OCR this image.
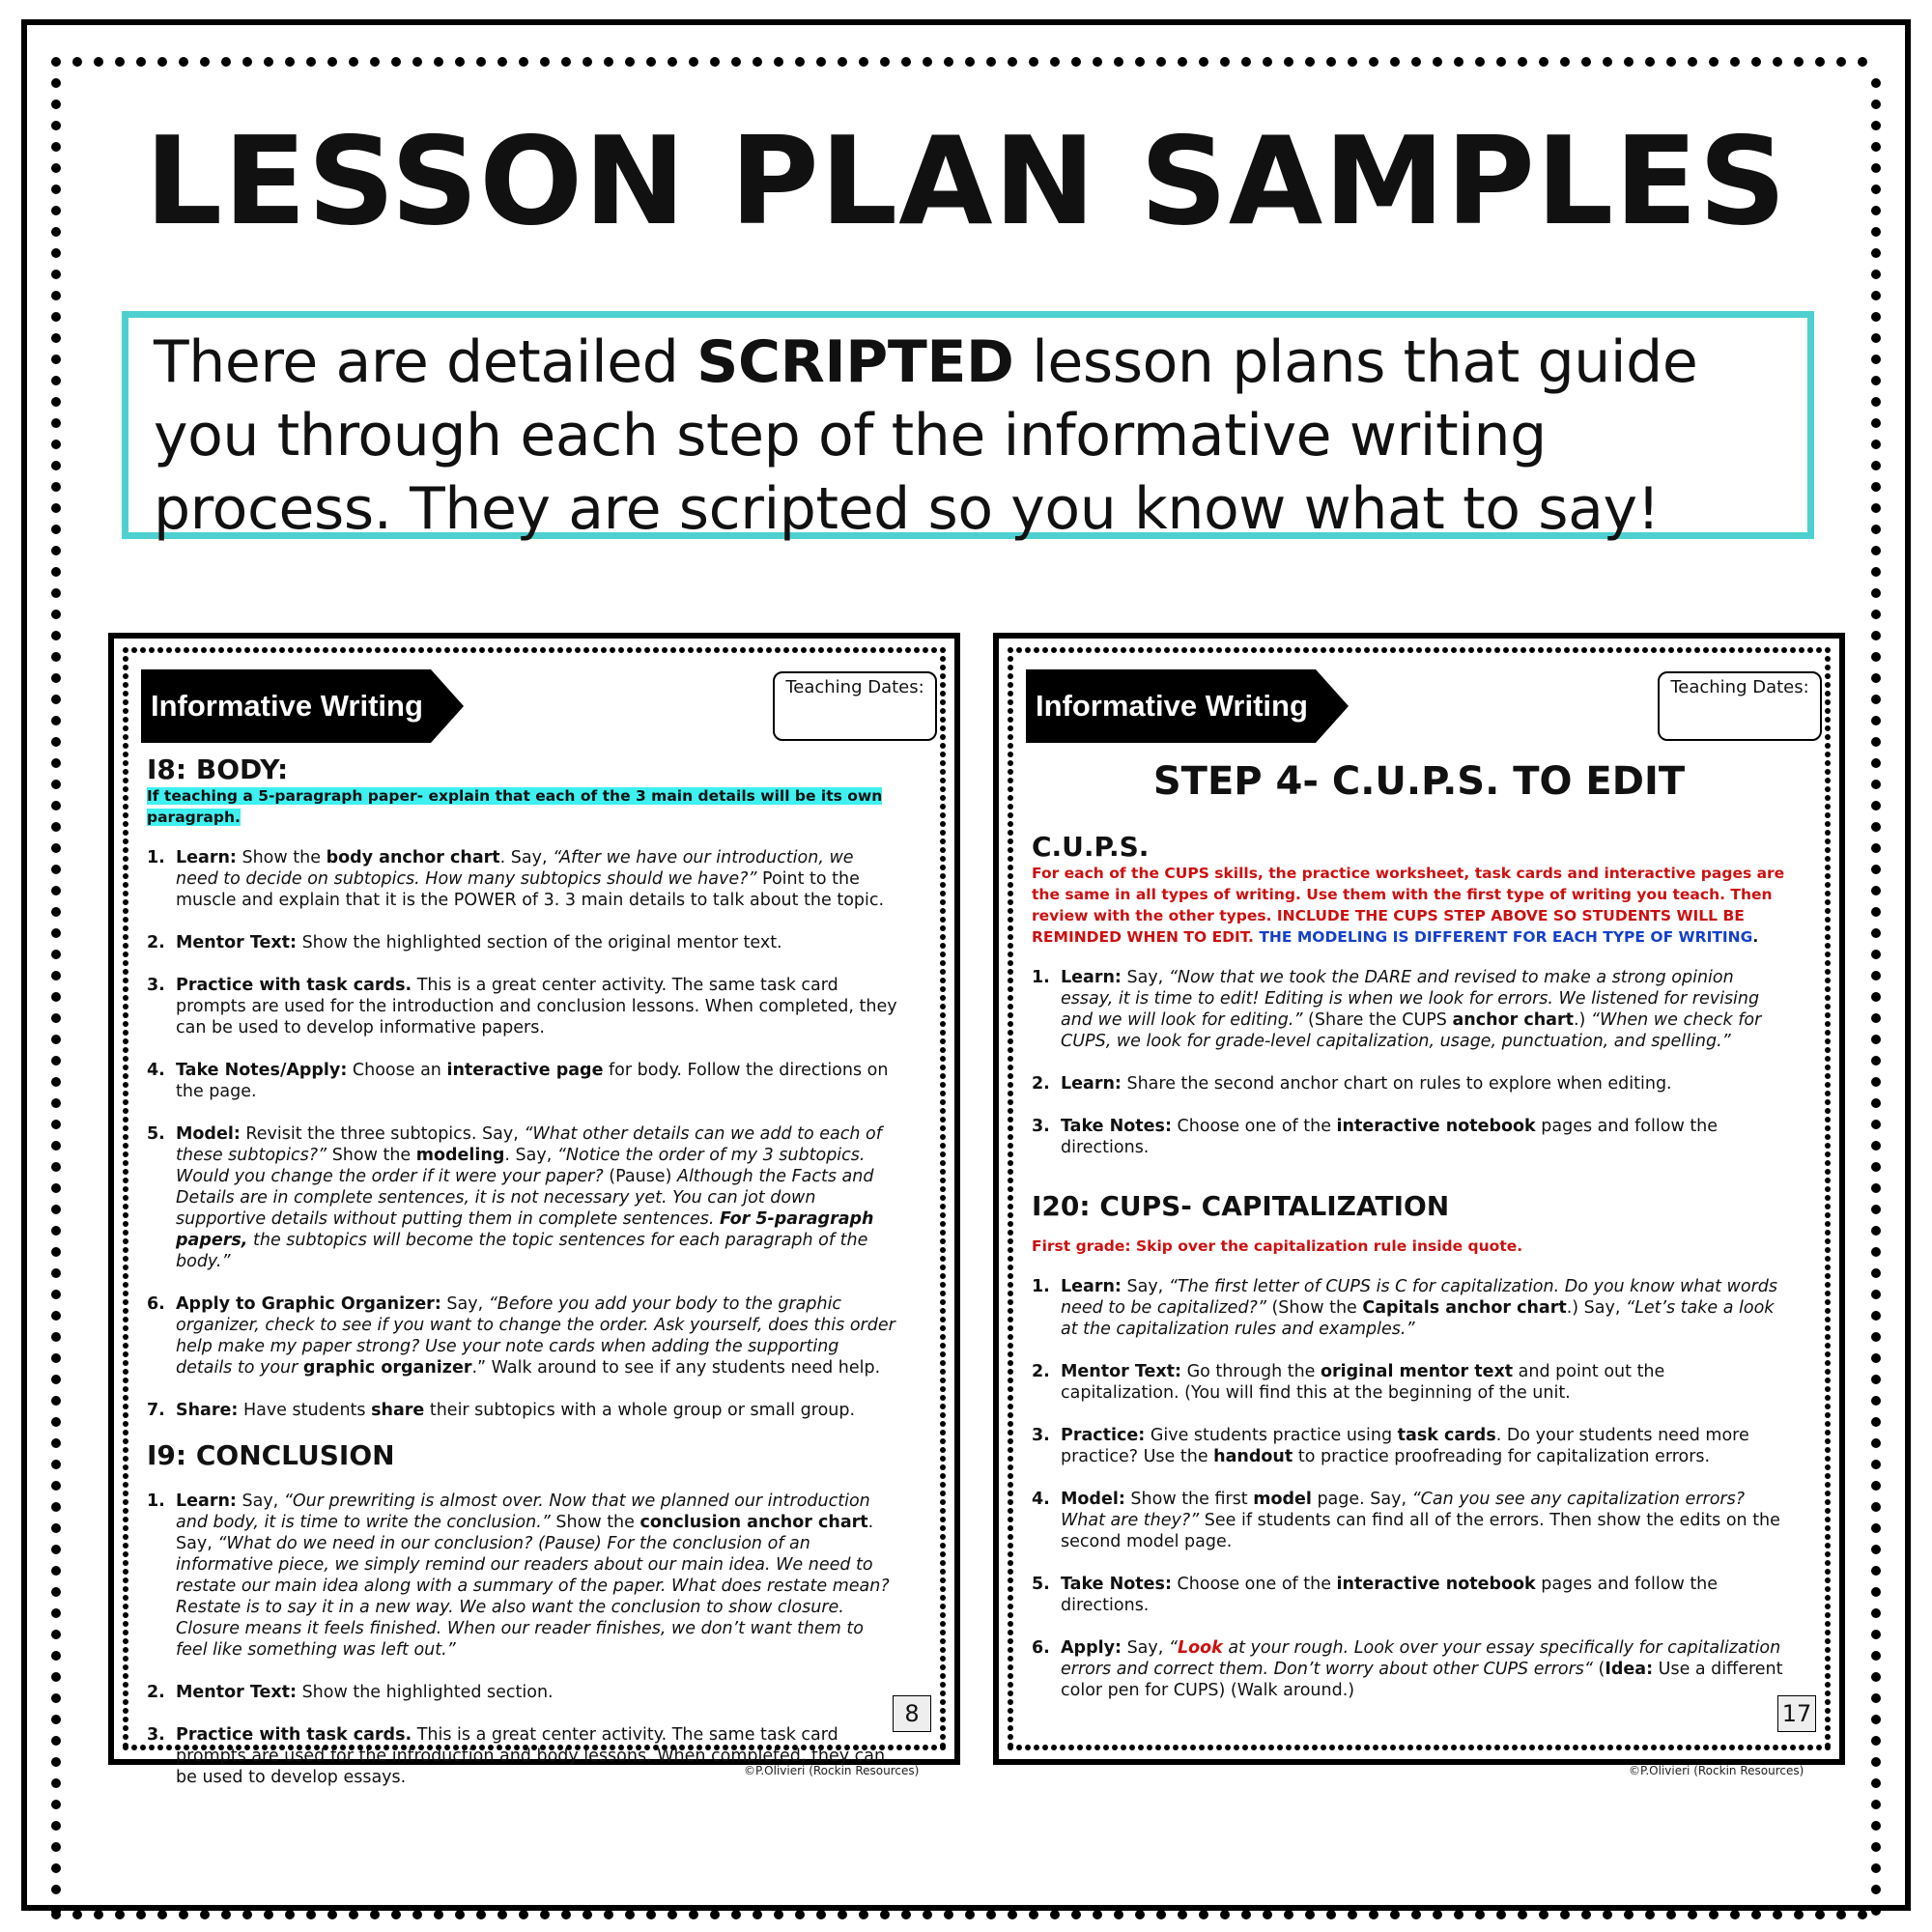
LESSON PLAN SAMPLES
There are detailed SCRIPTED lesson plans that guide
you through each step of the informative writing
process. They are scripted so you know what to say!
Informative Writing
Teaching Dates:
I8: BODY:
If teaching a 5-paragraph paper- explain that each of the 3 main details will be its own paragraph.
1. Learn: Show the body anchor chart. Say, “After we have our introduction, we need to decide on subtopics. How many subtopics should we have?” Point to the muscle and explain that it is the POWER of 3. 3 main details to talk about the topic.
2. Mentor Text: Show the highlighted section of the original mentor text.
3. Practice with task cards. This is a great center activity. The same task card prompts are used for the introduction and conclusion lessons. When completed, they can be used to develop informative papers.
4. Take Notes/Apply: Choose an interactive page for body. Follow the directions on the page.
5. Model: Revisit the three subtopics. Say, “What other details can we add to each of these subtopics?” Show the modeling. Say, “Notice the order of my 3 subtopics. Would you change the order if it were your paper? (Pause) Although the Facts and Details are in complete sentences, it is not necessary yet. You can jot down supportive details without putting them in complete sentences. For 5-paragraph papers, the subtopics will become the topic sentences for each paragraph of the body.”
6. Apply to Graphic Organizer: Say, “Before you add your body to the graphic organizer, check to see if you want to change the order. Ask yourself, does this order help make my paper strong? Use your note cards when adding the supporting details to your graphic organizer.” Walk around to see if any students need help.
7. Share: Have students share their subtopics with a whole group or small group.
I9: CONCLUSION
1. Learn: Say, “Our prewriting is almost over. Now that we planned our introduction and body, it is time to write the conclusion.” Show the conclusion anchor chart. Say, “What do we need in our conclusion? (Pause) For the conclusion of an informative piece, we simply remind our readers about our main idea. We need to restate our main idea along with a summary of the paper. What does restate mean? Restate is to say it in a new way. We also want the conclusion to show closure. Closure means it feels finished. When our reader finishes, we don’t want them to feel like something was left out.”
2. Mentor Text: Show the highlighted section.
3. Practice with task cards. This is a great center activity. The same task card prompts are used for the introduction and body lessons. When completed, they can be used to develop essays.
8
©P.Olivieri (Rockin Resources)
Informative Writing
Teaching Dates:
STEP 4- C.U.P.S. TO EDIT
C.U.P.S.
For each of the CUPS skills, the practice worksheet, task cards and interactive pages are the same in all types of writing. Use them with the first type of writing you teach. Then review with the other types. INCLUDE THE CUPS STEP ABOVE SO STUDENTS WILL BE REMINDED WHEN TO EDIT. THE MODELING IS DIFFERENT FOR EACH TYPE OF WRITING.
1. Learn: Say, “Now that we took the DARE and revised to make a strong opinion essay, it is time to edit! Editing is when we look for errors. We listened for revising and we will look for editing.” (Share the CUPS anchor chart.) “When we check for CUPS, we look for grade-level capitalization, usage, punctuation, and spelling.”
2. Learn: Share the second anchor chart on rules to explore when editing.
3. Take Notes: Choose one of the interactive notebook pages and follow the directions.
I20: CUPS- CAPITALIZATION
First grade: Skip over the capitalization rule inside quote.
1. Learn: Say, “The first letter of CUPS is C for capitalization. Do you know what words need to be capitalized?” (Show the Capitals anchor chart.) Say, “Let’s take a look at the capitalization rules and examples.”
2. Mentor Text: Go through the original mentor text and point out the capitalization. (You will find this at the beginning of the unit.
3. Practice: Give students practice using task cards. Do your students need more practice? Use the handout to practice proofreading for capitalization errors.
4. Model: Show the first model page. Say, “Can you see any capitalization errors? What are they?” See if students can find all of the errors. Then show the edits on the second model page.
5. Take Notes: Choose one of the interactive notebook pages and follow the directions.
6. Apply: Say, “Look at your rough. Look over your essay specifically for capitalization errors and correct them. Don’t worry about other CUPS errors“ (Idea: Use a different color pen for CUPS) (Walk around.)
17
©P.Olivieri (Rockin Resources)
